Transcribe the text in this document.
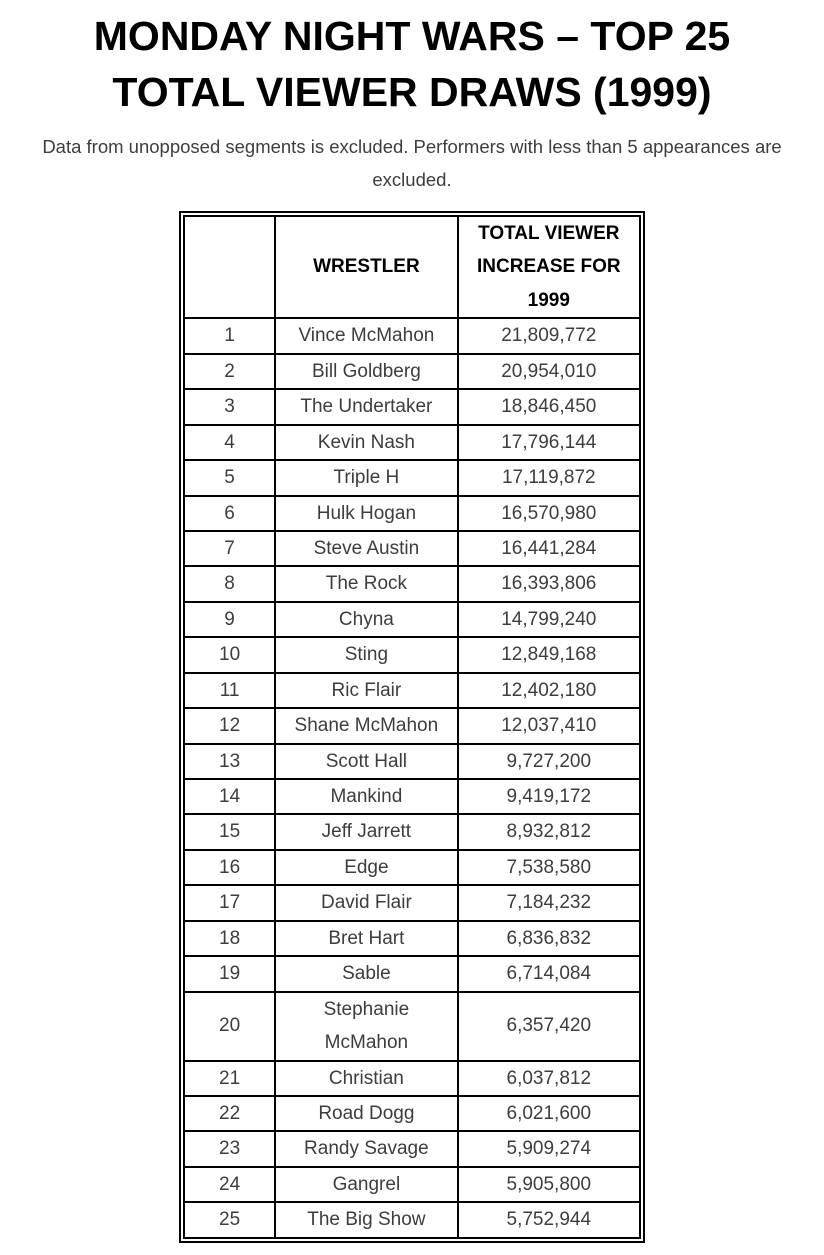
MONDAY NIGHT WARS – TOP 25 TOTAL VIEWER DRAWS (1999)

Data from unopposed segments is excluded. Performers with less than 5 appearances are excluded.

	WRESTLER	TOTAL VIEWER INCREASE FOR 1999
1	Vince McMahon	21,809,772
2	Bill Goldberg	20,954,010
3	The Undertaker	18,846,450
4	Kevin Nash	17,796,144
5	Triple H	17,119,872
6	Hulk Hogan	16,570,980
7	Steve Austin	16,441,284
8	The Rock	16,393,806
9	Chyna	14,799,240
10	Sting	12,849,168
11	Ric Flair	12,402,180
12	Shane McMahon	12,037,410
13	Scott Hall	9,727,200
14	Mankind	9,419,172
15	Jeff Jarrett	8,932,812
16	Edge	7,538,580
17	David Flair	7,184,232
18	Bret Hart	6,836,832
19	Sable	6,714,084
20	Stephanie McMahon	6,357,420
21	Christian	6,037,812
22	Road Dogg	6,021,600
23	Randy Savage	5,909,274
24	Gangrel	5,905,800
25	The Big Show	5,752,944
